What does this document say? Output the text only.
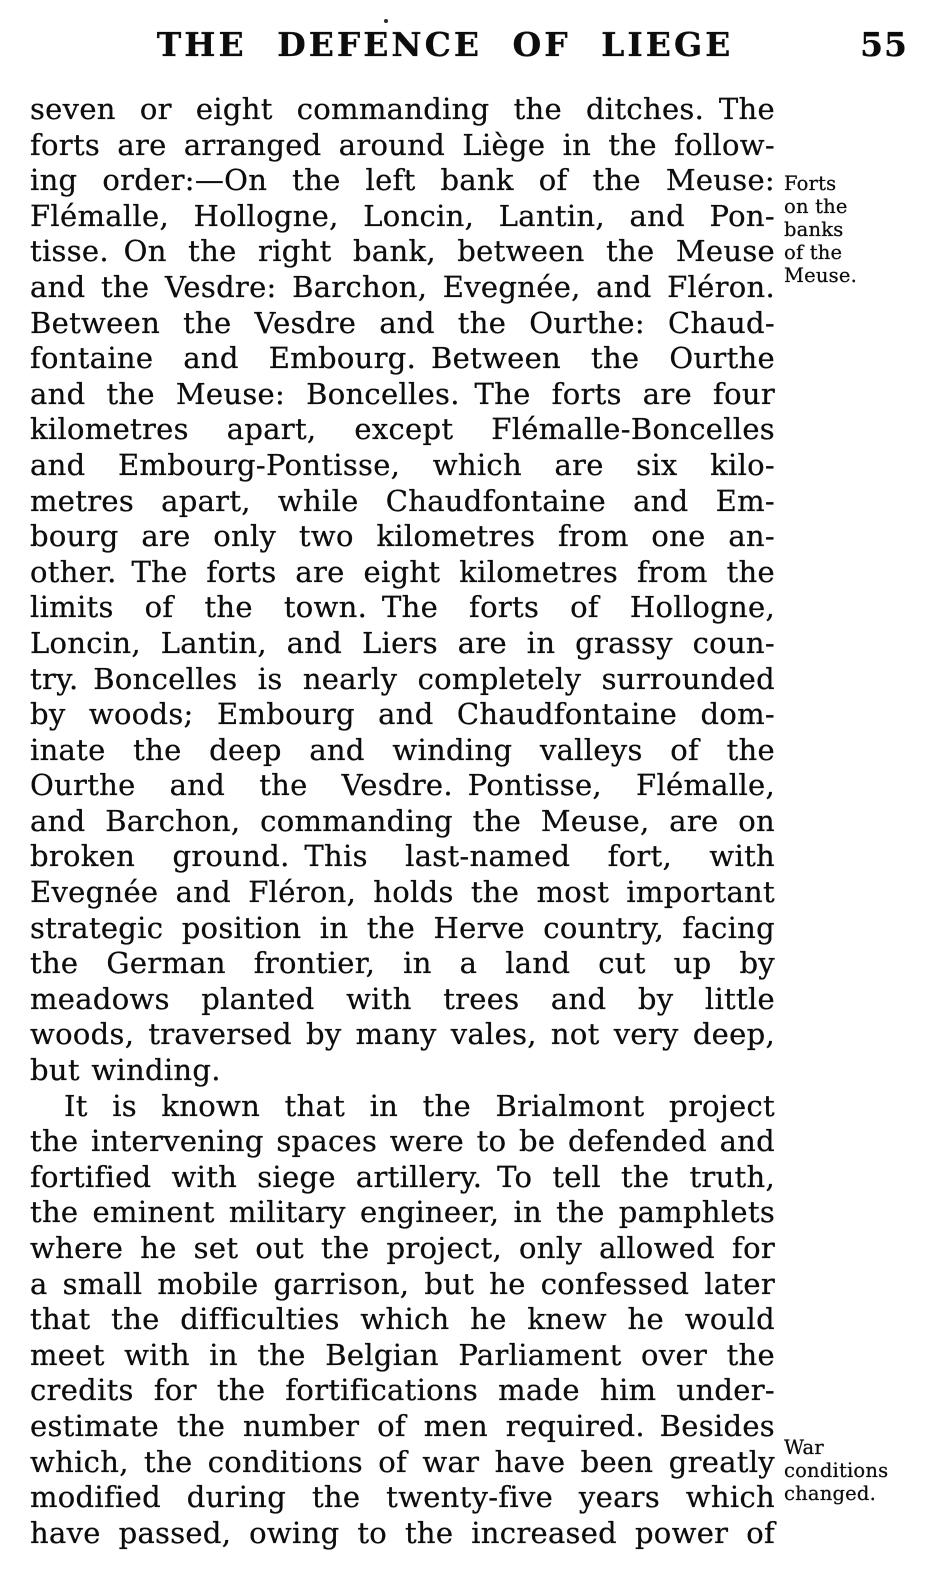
THE DEFENCE OF LIEGE	55
seven or eight commanding the ditches. The
forts are arranged around Liège in the follow-
ing order:—On the left bank of the Meuse:
Flémalle, Hollogne, Loncin, Lantin, and Pon-
tisse. On the right bank, between the Meuse
and the Vesdre: Barchon, Evegnée, and Fléron.
Between the Vesdre and the Ourthe: Chaud-
fontaine and Embourg. Between the Ourthe
and the Meuse: Boncelles. The forts are four
kilometres apart, except Flémalle-Boncelles
and Embourg-Pontisse, which are six kilo-
metres apart, while Chaudfontaine and Em-
bourg are only two kilometres from one an-
other. The forts are eight kilometres from the
limits of the town. The forts of Hollogne,
Loncin, Lantin, and Liers are in grassy coun-
try. Boncelles is nearly completely surrounded
by woods; Embourg and Chaudfontaine dom-
inate the deep and winding valleys of the
Ourthe and the Vesdre. Pontisse, Flémalle,
and Barchon, commanding the Meuse, are on
broken ground. This last-named fort, with
Evegnée and Fléron, holds the most important
strategic position in the Herve country, facing
the German frontier, in a land cut up by
meadows planted with trees and by little
woods, traversed by many vales, not very deep,
but winding.
It is known that in the Brialmont project
the intervening spaces were to be defended and
fortified with siege artillery. To tell the truth,
the eminent military engineer, in the pamphlets
where he set out the project, only allowed for
a small mobile garrison, but he confessed later
that the difficulties which he knew he would
meet with in the Belgian Parliament over the
credits for the fortifications made him under-
estimate the number of men required. Besides
which, the conditions of war have been greatly
modified during the twenty-five years which
have passed, owing to the increased power of
Forts
on the
banks
of the
Meuse.
War
conditions
changed.
